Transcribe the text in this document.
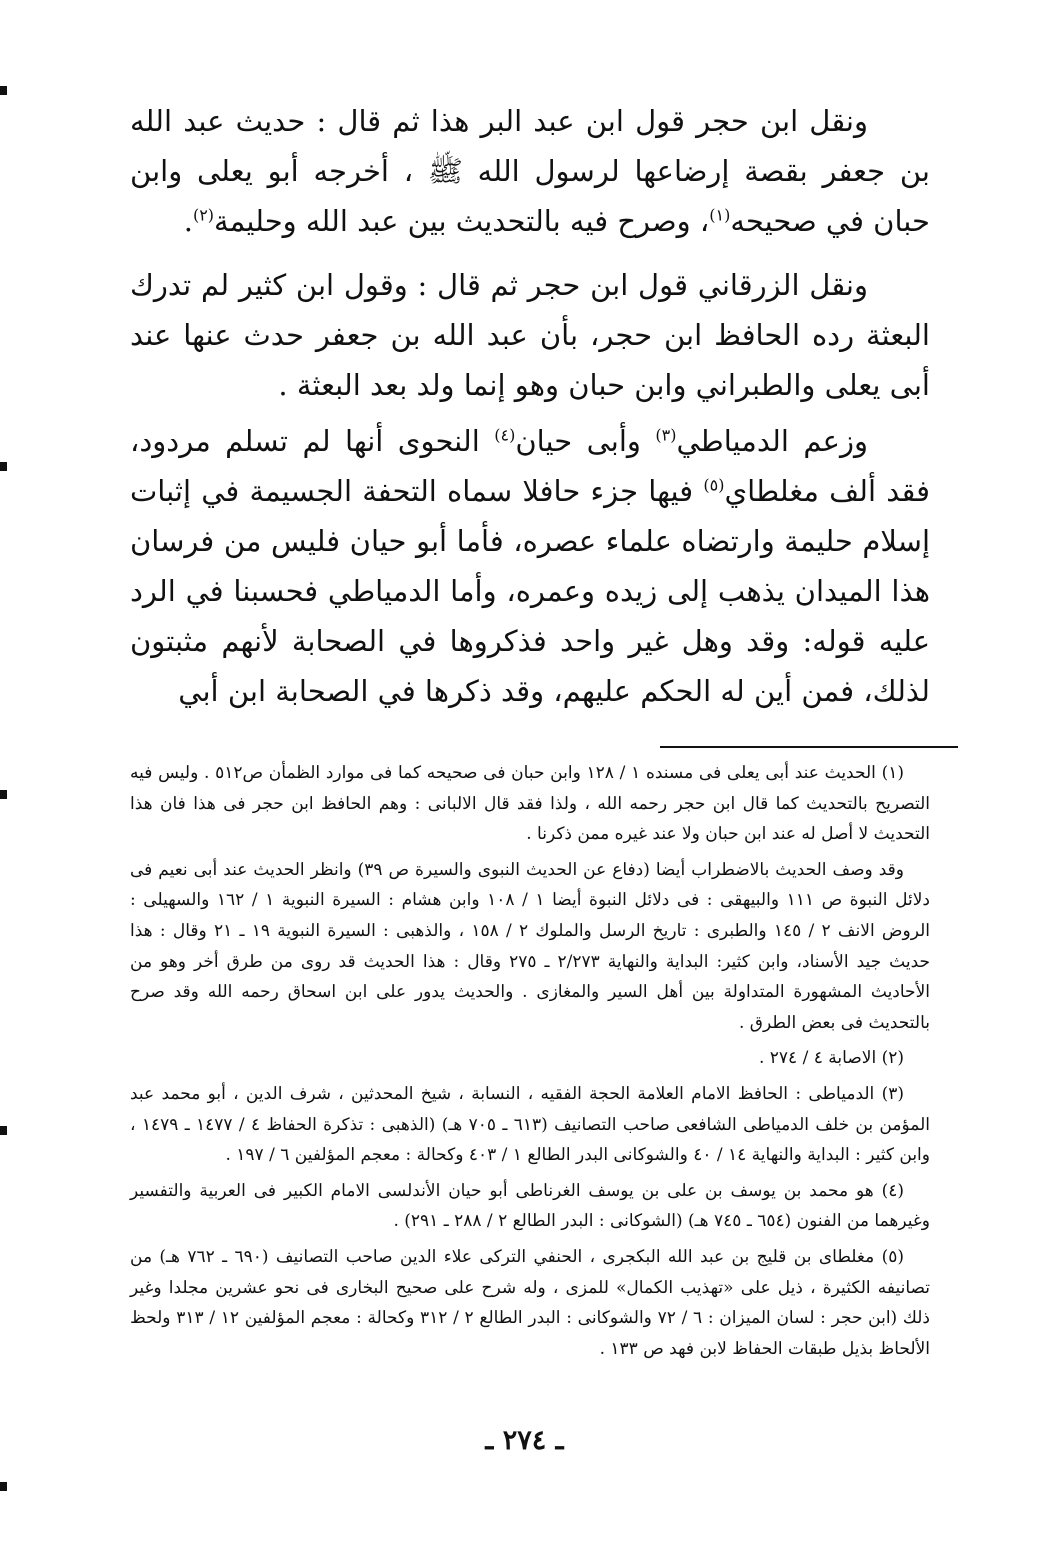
ونقل ابن حجر قول ابن عبد البر هذا ثم قال : حديث عبد الله بن جعفر بقصة إرضاعها لرسول الله ﷺ ، أخرجه أبو يعلى وابن حبان في صحيحه$^{(١)}$، وصرح فيه بالتحديث بين عبد الله وحليمة$^{(٢)}$.

ونقل الزرقاني قول ابن حجر ثم قال : وقول ابن كثير لم تدرك البعثة رده الحافظ ابن حجر، بأن عبد الله بن جعفر حدث عنها عند أبى يعلى والطبراني وابن حبان وهو إنما ولد بعد البعثة .

وزعم الدمياطي$^{(٣)}$ وأبى حيان$^{(٤)}$ النحوى أنها لم تسلم مردود، فقد ألف مغلطاي$^{(٥)}$ فيها جزء حافلا سماه التحفة الجسيمة في إثبات إسلام حليمة وارتضاه علماء عصره، فأما أبو حيان فليس من فرسان هذا الميدان يذهب إلى زيده وعمره، وأما الدمياطي فحسبنا في الرد عليه قوله: وقد وهل غير واحد فذكروها في الصحابة لأنهم مثبتون لذلك، فمن أين له الحكم عليهم، وقد ذكرها في الصحابة ابن أبي

(١) الحديث عند أبى يعلى فى مسنده ١ / ١٢٨ وابن حبان فى صحيحه كما فى موارد الظمأن ص٥١٢ . وليس فيه التصريح بالتحديث كما قال ابن حجر رحمه الله ، ولذا فقد قال الالبانى : وهم الحافظ ابن حجر فى هذا فان هذا التحديث لا أصل له عند ابن حبان ولا عند غيره ممن ذكرنا .

وقد وصف الحديث بالاضطراب أيضا (دفاع عن الحديث النبوى والسيرة ص ٣٩) وانظر الحديث عند أبى نعيم فى دلائل النبوة ص ١١١ والبيهقى : فى دلائل النبوة أيضا ١ / ١٠٨ وابن هشام : السيرة النبوية ١ / ١٦٢ والسهيلى : الروض الانف ٢ / ١٤٥ والطبرى : تاريخ الرسل والملوك ٢ / ١٥٨ ، والذهبى : السيرة النبوية ١٩ ـ ٢١ وقال : هذا حديث جيد الأسناد، وابن كثير: البداية والنهاية ٢/٢٧٣ ـ ٢٧٥ وقال : هذا الحديث قد روى من طرق أخر وهو من الأحاديث المشهورة المتداولة بين أهل السير والمغازى . والحديث يدور على ابن اسحاق رحمه الله وقد صرح بالتحديث فى بعض الطرق .

(٢) الاصابة ٤ / ٢٧٤ .

(٣) الدمياطى : الحافظ الامام العلامة الحجة الفقيه ، النسابة ، شيخ المحدثين ، شرف الدين ، أبو محمد عبد المؤمن بن خلف الدمياطى الشافعى صاحب التصانيف (٦١٣ ـ ٧٠٥ هـ) (الذهبى : تذكرة الحفاظ ٤ / ١٤٧٧ ـ ١٤٧٩ ، وابن كثير : البداية والنهاية ١٤ / ٤٠ والشوكانى البدر الطالع ١ / ٤٠٣ وكحالة : معجم المؤلفين ٦ / ١٩٧ .

(٤) هو محمد بن يوسف بن على بن يوسف الغرناطى أبو حيان الأندلسى الامام الكبير فى العربية والتفسير وغيرهما من الفنون (٦٥٤ ـ ٧٤٥ هـ) (الشوكانى : البدر الطالع ٢ / ٢٨٨ ـ ٢٩١) .

(٥) مغلطاى بن قليج بن عبد الله البكجرى ، الحنفي التركى علاء الدين صاحب التصانيف (٦٩٠ ـ ٧٦٢ هـ) من تصانيفه الكثيرة ، ذيل على «تهذيب الكمال» للمزى ، وله شرح على صحيح البخارى فى نحو عشرين مجلدا وغير ذلك (ابن حجر : لسان الميزان : ٦ / ٧٢ والشوكانى : البدر الطالع ٢ / ٣١٢ وكحالة : معجم المؤلفين ١٢ / ٣١٣ ولحظ الألحاظ بذيل طبقات الحفاظ لابن فهد ص ١٣٣ .

ـ ٢٧٤ ـ
